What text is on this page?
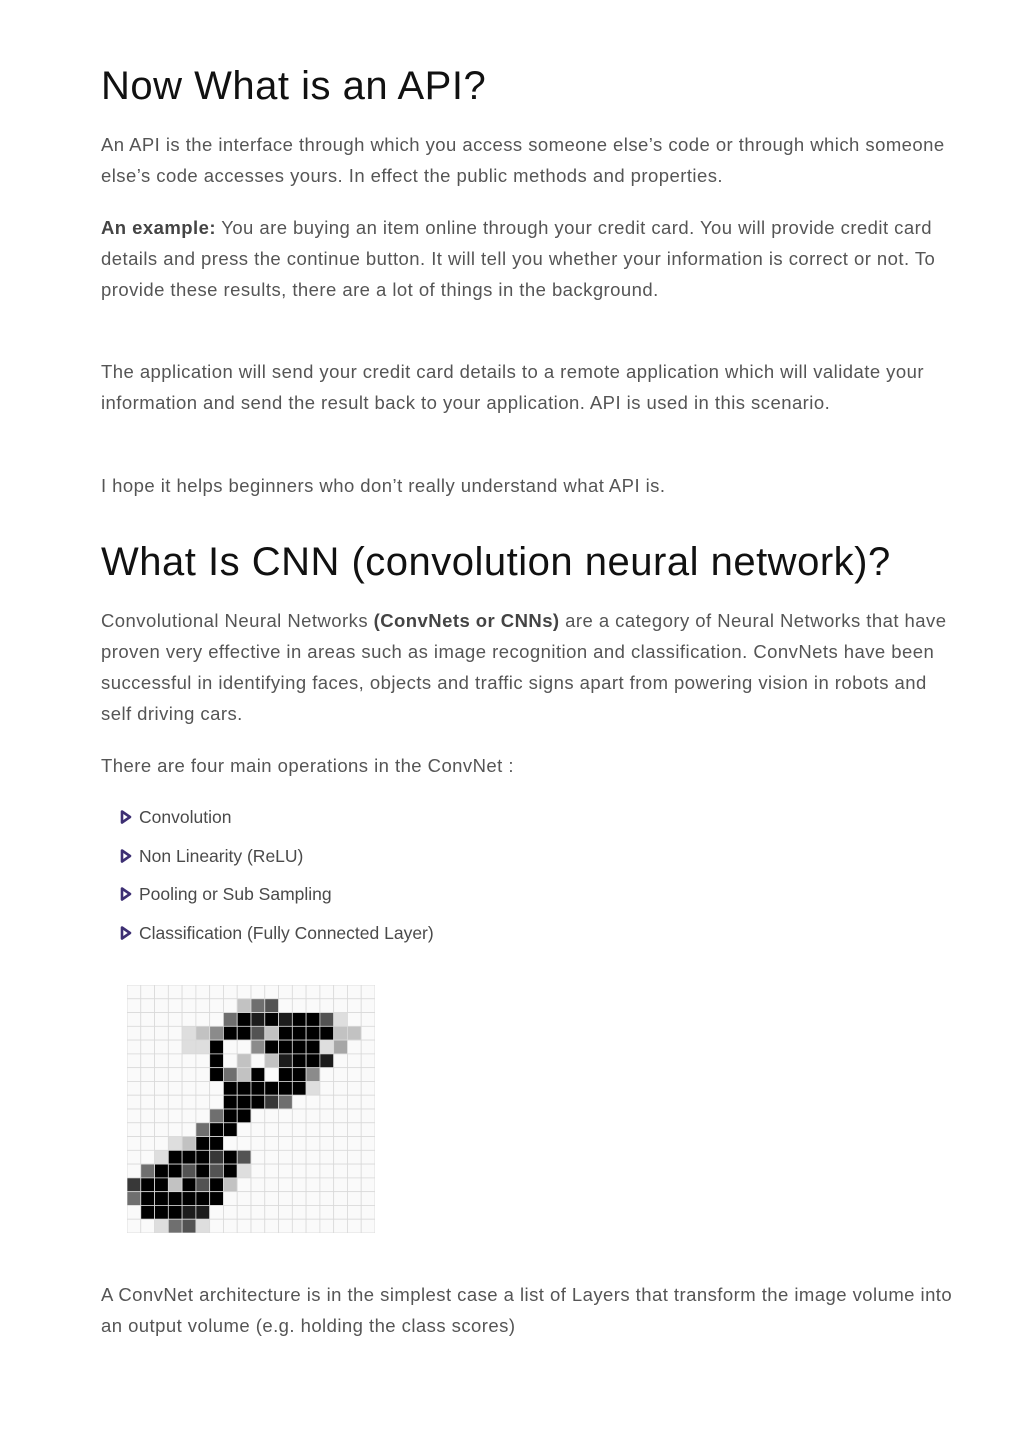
Now What is an API?

An API is the interface through which you access someone else’s code or through which someone else’s code accesses yours. In effect the public methods and properties.

An example: You are buying an item online through your credit card. You will provide credit card details and press the continue button. It will tell you whether your information is correct or not. To provide these results, there are a lot of things in the background.

The application will send your credit card details to a remote application which will validate your information and send the result back to your application. API is used in this scenario.

I hope it helps beginners who don’t really understand what API is.

What Is CNN (convolution neural network)?

Convolutional Neural Networks (ConvNets or CNNs) are a category of Neural Networks that have proven very effective in areas such as image recognition and classification. ConvNets have been successful in identifying faces, objects and traffic signs apart from powering vision in robots and self driving cars.

There are four main operations in the ConvNet :

Convolution
Non Linearity (ReLU)
Pooling or Sub Sampling
Classification (Fully Connected Layer)

A ConvNet architecture is in the simplest case a list of Layers that transform the image volume into an output volume (e.g. holding the class scores)
